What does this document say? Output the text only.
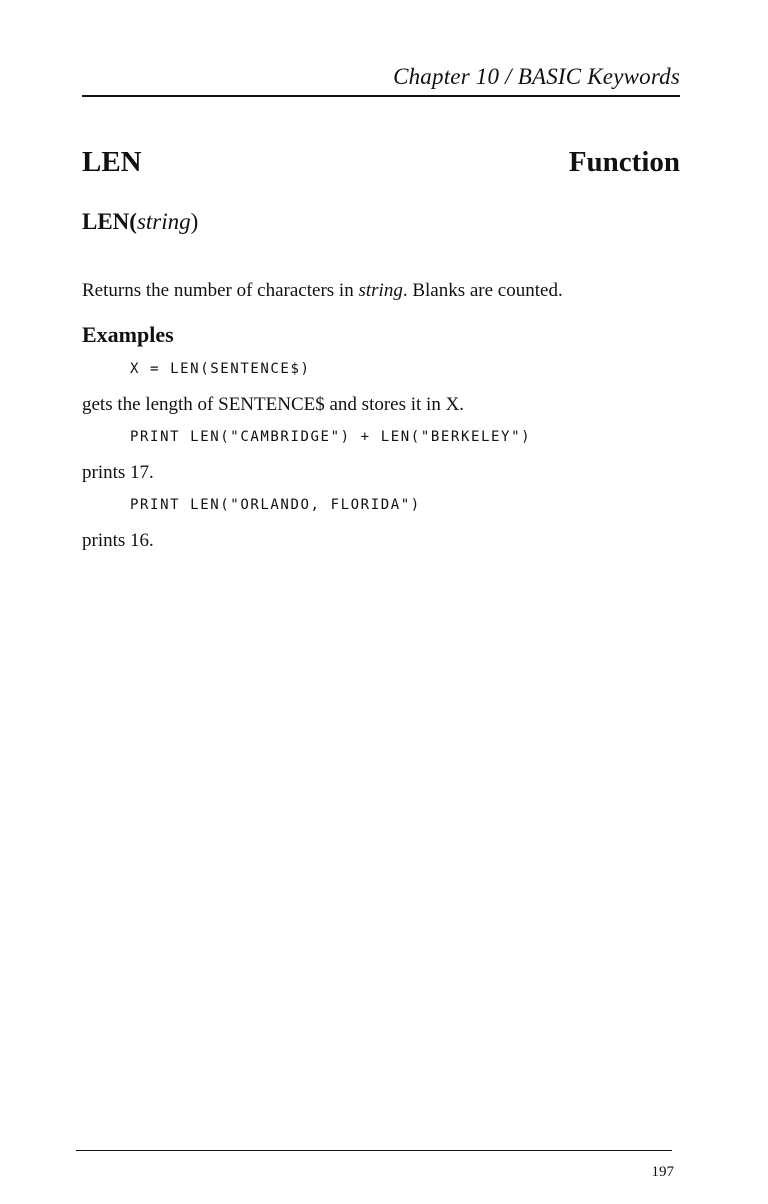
Chapter 10 / BASIC Keywords
LEN	Function
LEN(string)
Returns the number of characters in string. Blanks are counted.
Examples
X = LEN(SENTENCE$)
gets the length of SENTENCE$ and stores it in X.
PRINT LEN("CAMBRIDGE") + LEN("BERKELEY")
prints 17.
PRINT LEN("ORLANDO, FLORIDA")
prints 16.
197
